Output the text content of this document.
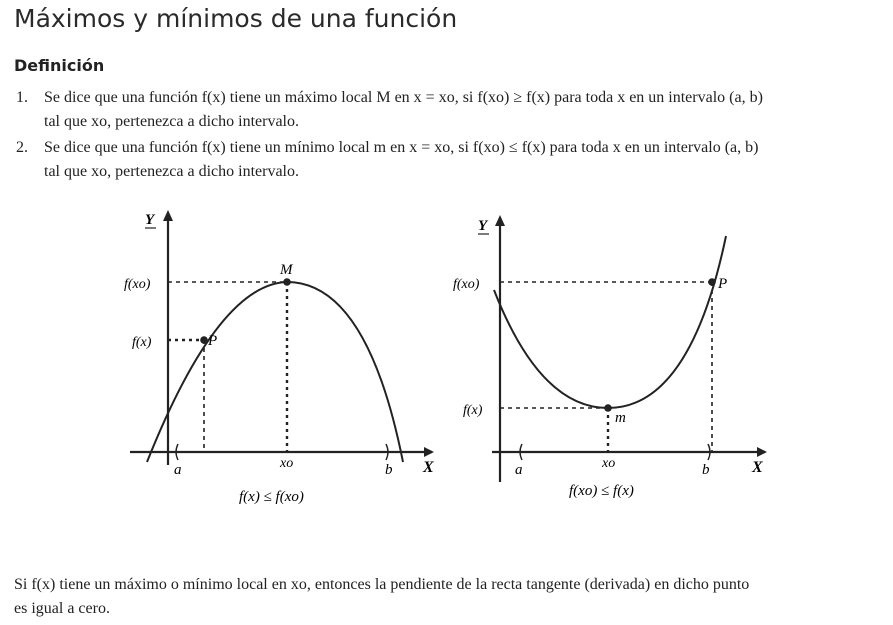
Máximos y mínimos de una función
Definición
1. Se dice que una función f(x) tiene un máximo local M en x = xo, si f(xo) ≥ f(x) para toda x en un intervalo (a, b)
tal que xo, pertenezca a dicho intervalo.
2. Se dice que una función f(x) tiene un mínimo local m en x = xo, si f(xo) ≤ f(x) para toda x en un intervalo (a, b)
tal que xo, pertenezca a dicho intervalo.
Y
f(xo)
f(x)
M
P
a	xo	b X
f(x) ≤ f(xo)
Y
f(xo)
f(x)	m
P
a	xo	b	X
f(xo) ≤ f(x)
Si f(x) tiene un máximo o mínimo local en xo, entonces la pendiente de la recta tangente (derivada) en dicho punto
es igual a cero.
